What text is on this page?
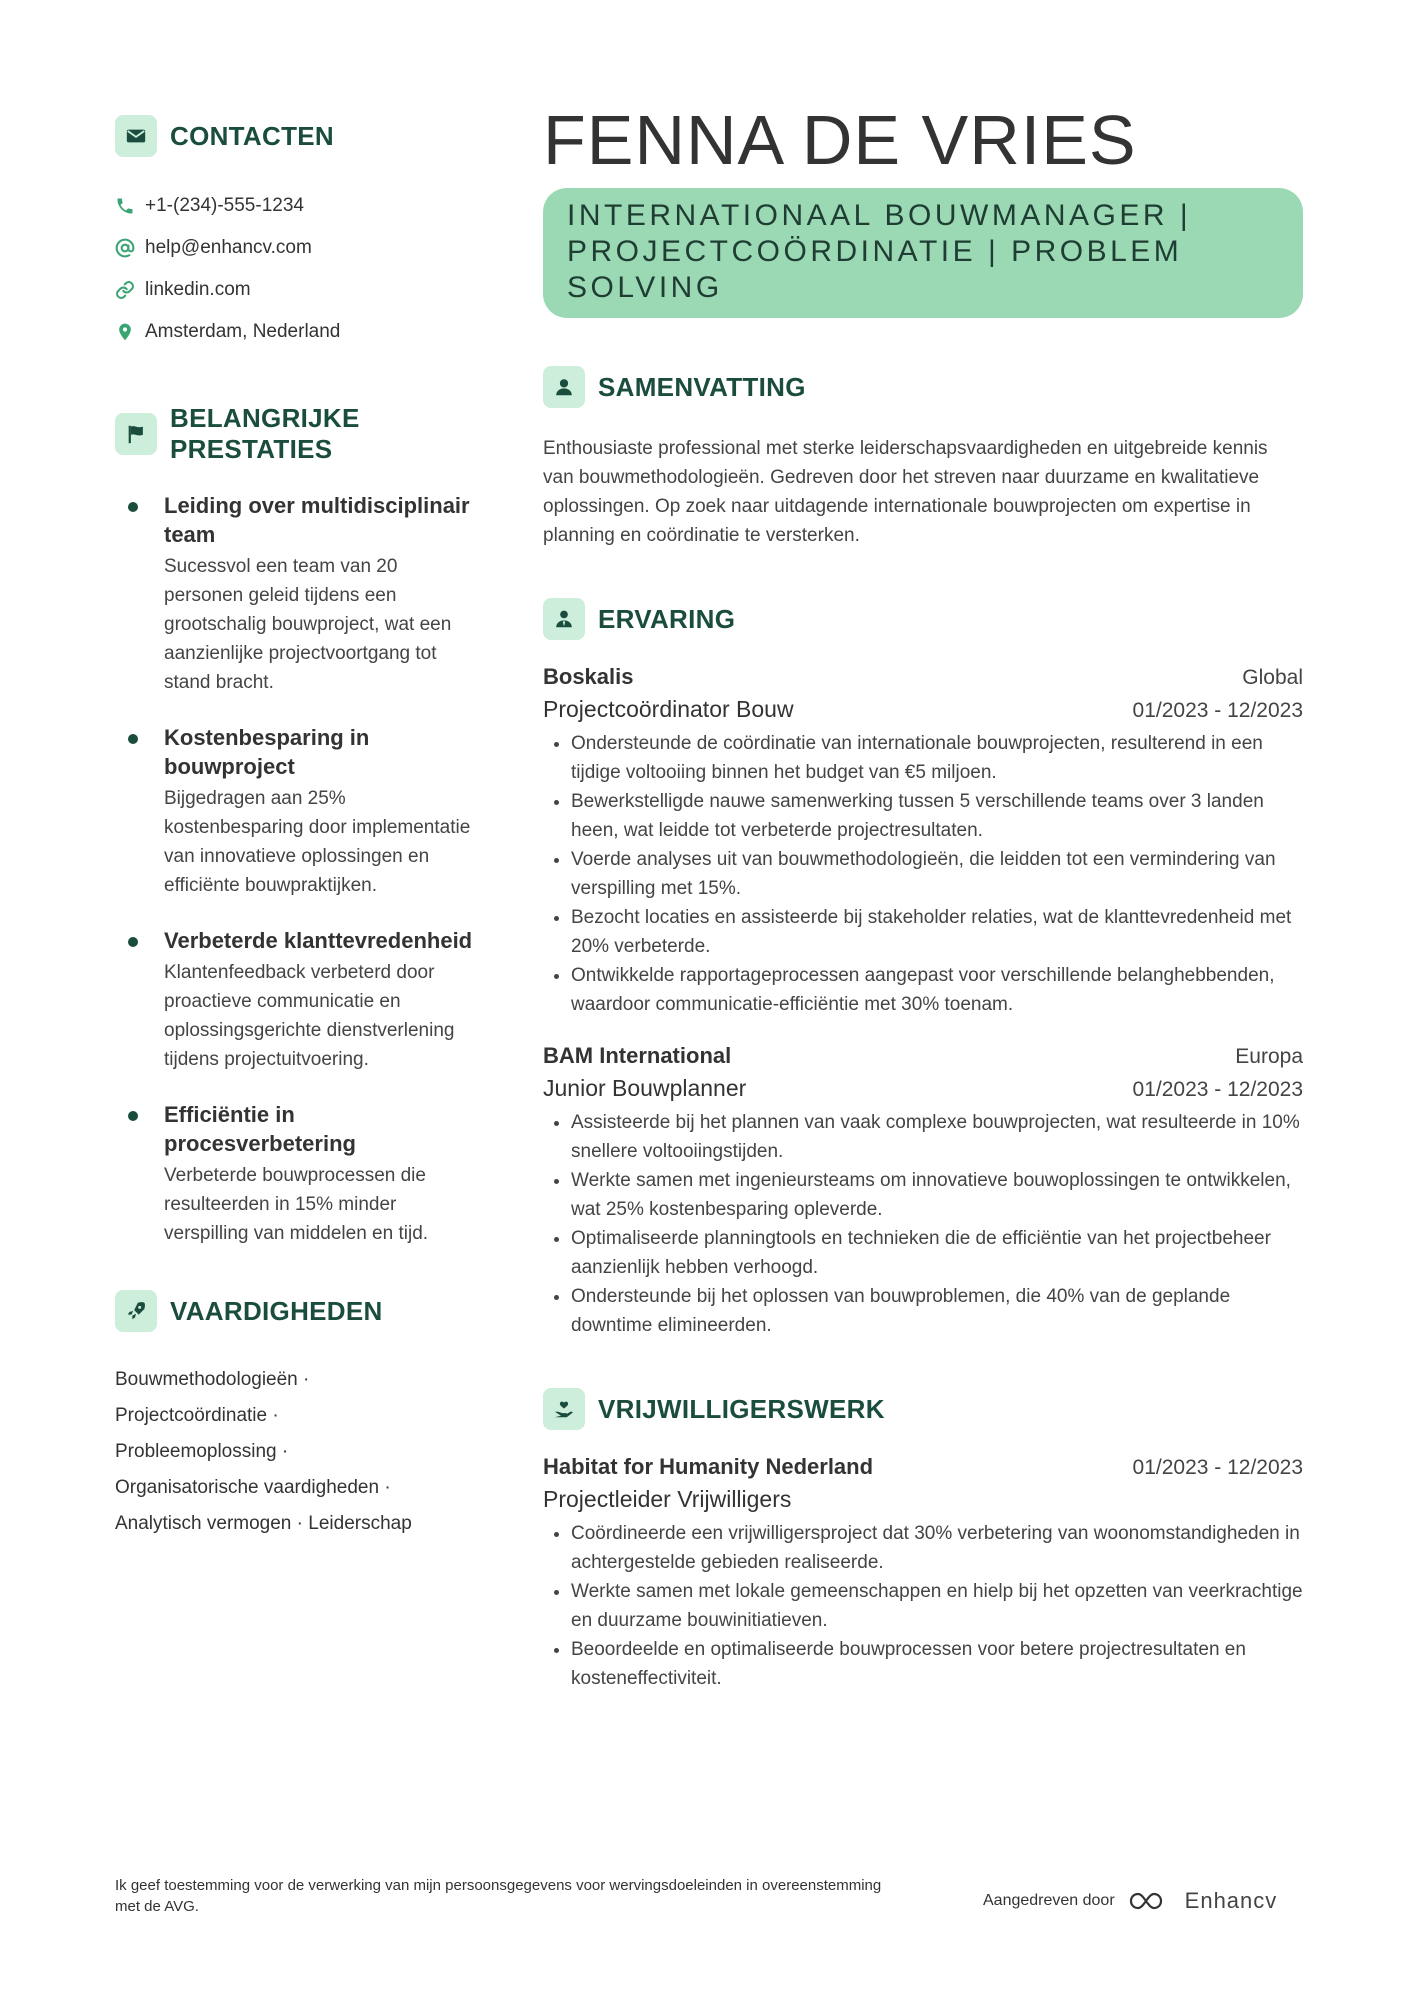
CONTACTEN
+1-(234)-555-1234
help@enhancv.com
linkedin.com
Amsterdam, Nederland
BELANGRIJKE
PRESTATIES
Leiding over multidisciplinair team
Sucessvol een team van 20 personen geleid tijdens een grootschalig bouwproject, wat een aanzienlijke projectvoortgang tot stand bracht.
Kostenbesparing in bouwproject
Bijgedragen aan 25% kostenbesparing door implementatie van innovatieve oplossingen en efficiënte bouwpraktijken.
Verbeterde klanttevredenheid
Klantenfeedback verbeterd door proactieve communicatie en oplossingsgerichte dienstverlening tijdens projectuitvoering.
Efficiëntie in procesverbetering
Verbeterde bouwprocessen die resulteerden in 15% minder verspilling van middelen en tijd.
VAARDIGHEDEN
Bouwmethodologieën ·
Projectcoördinatie ·
Probleemoplossing ·
Organisatorische vaardigheden ·
Analytisch vermogen · Leiderschap
FENNA DE VRIES
INTERNATIONAAL BOUWMANAGER | PROJECTCOÖRDINATIE | PROBLEM SOLVING
SAMENVATTING
Enthousiaste professional met sterke leiderschapsvaardigheden en uitgebreide kennis van bouwmethodologieën. Gedreven door het streven naar duurzame en kwalitatieve oplossingen. Op zoek naar uitdagende internationale bouwprojecten om expertise in planning en coördinatie te versterken.
ERVARING
Boskalis	Global
Projectcoördinator Bouw	01/2023 - 12/2023
• Ondersteunde de coördinatie van internationale bouwprojecten, resulterend in een tijdige voltooiing binnen het budget van €5 miljoen.
• Bewerkstelligde nauwe samenwerking tussen 5 verschillende teams over 3 landen heen, wat leidde tot verbeterde projectresultaten.
• Voerde analyses uit van bouwmethodologieën, die leidden tot een vermindering van verspilling met 15%.
• Bezocht locaties en assisteerde bij stakeholder relaties, wat de klanttevredenheid met 20% verbeterde.
• Ontwikkelde rapportageprocessen aangepast voor verschillende belanghebbenden, waardoor communicatie-efficiëntie met 30% toenam.
BAM International	Europa
Junior Bouwplanner	01/2023 - 12/2023
• Assisteerde bij het plannen van vaak complexe bouwprojecten, wat resulteerde in 10% snellere voltooiingstijden.
• Werkte samen met ingenieursteams om innovatieve bouwoplossingen te ontwikkelen, wat 25% kostenbesparing opleverde.
• Optimaliseerde planningtools en technieken die de efficiëntie van het projectbeheer aanzienlijk hebben verhoogd.
• Ondersteunde bij het oplossen van bouwproblemen, die 40% van de geplande downtime elimineerden.
VRIJWILLIGERSWERK
Habitat for Humanity Nederland	01/2023 - 12/2023
Projectleider Vrijwilligers
• Coördineerde een vrijwilligersproject dat 30% verbetering van woonomstandigheden in achtergestelde gebieden realiseerde.
• Werkte samen met lokale gemeenschappen en hielp bij het opzetten van veerkrachtige en duurzame bouwinitiatieven.
• Beoordeelde en optimaliseerde bouwprocessen voor betere projectresultaten en kosteneffectiviteit.
Ik geef toestemming voor de verwerking van mijn persoonsgegevens voor wervingsdoeleinden in overeenstemming met de AVG.	Aangedreven door	Enhancv
